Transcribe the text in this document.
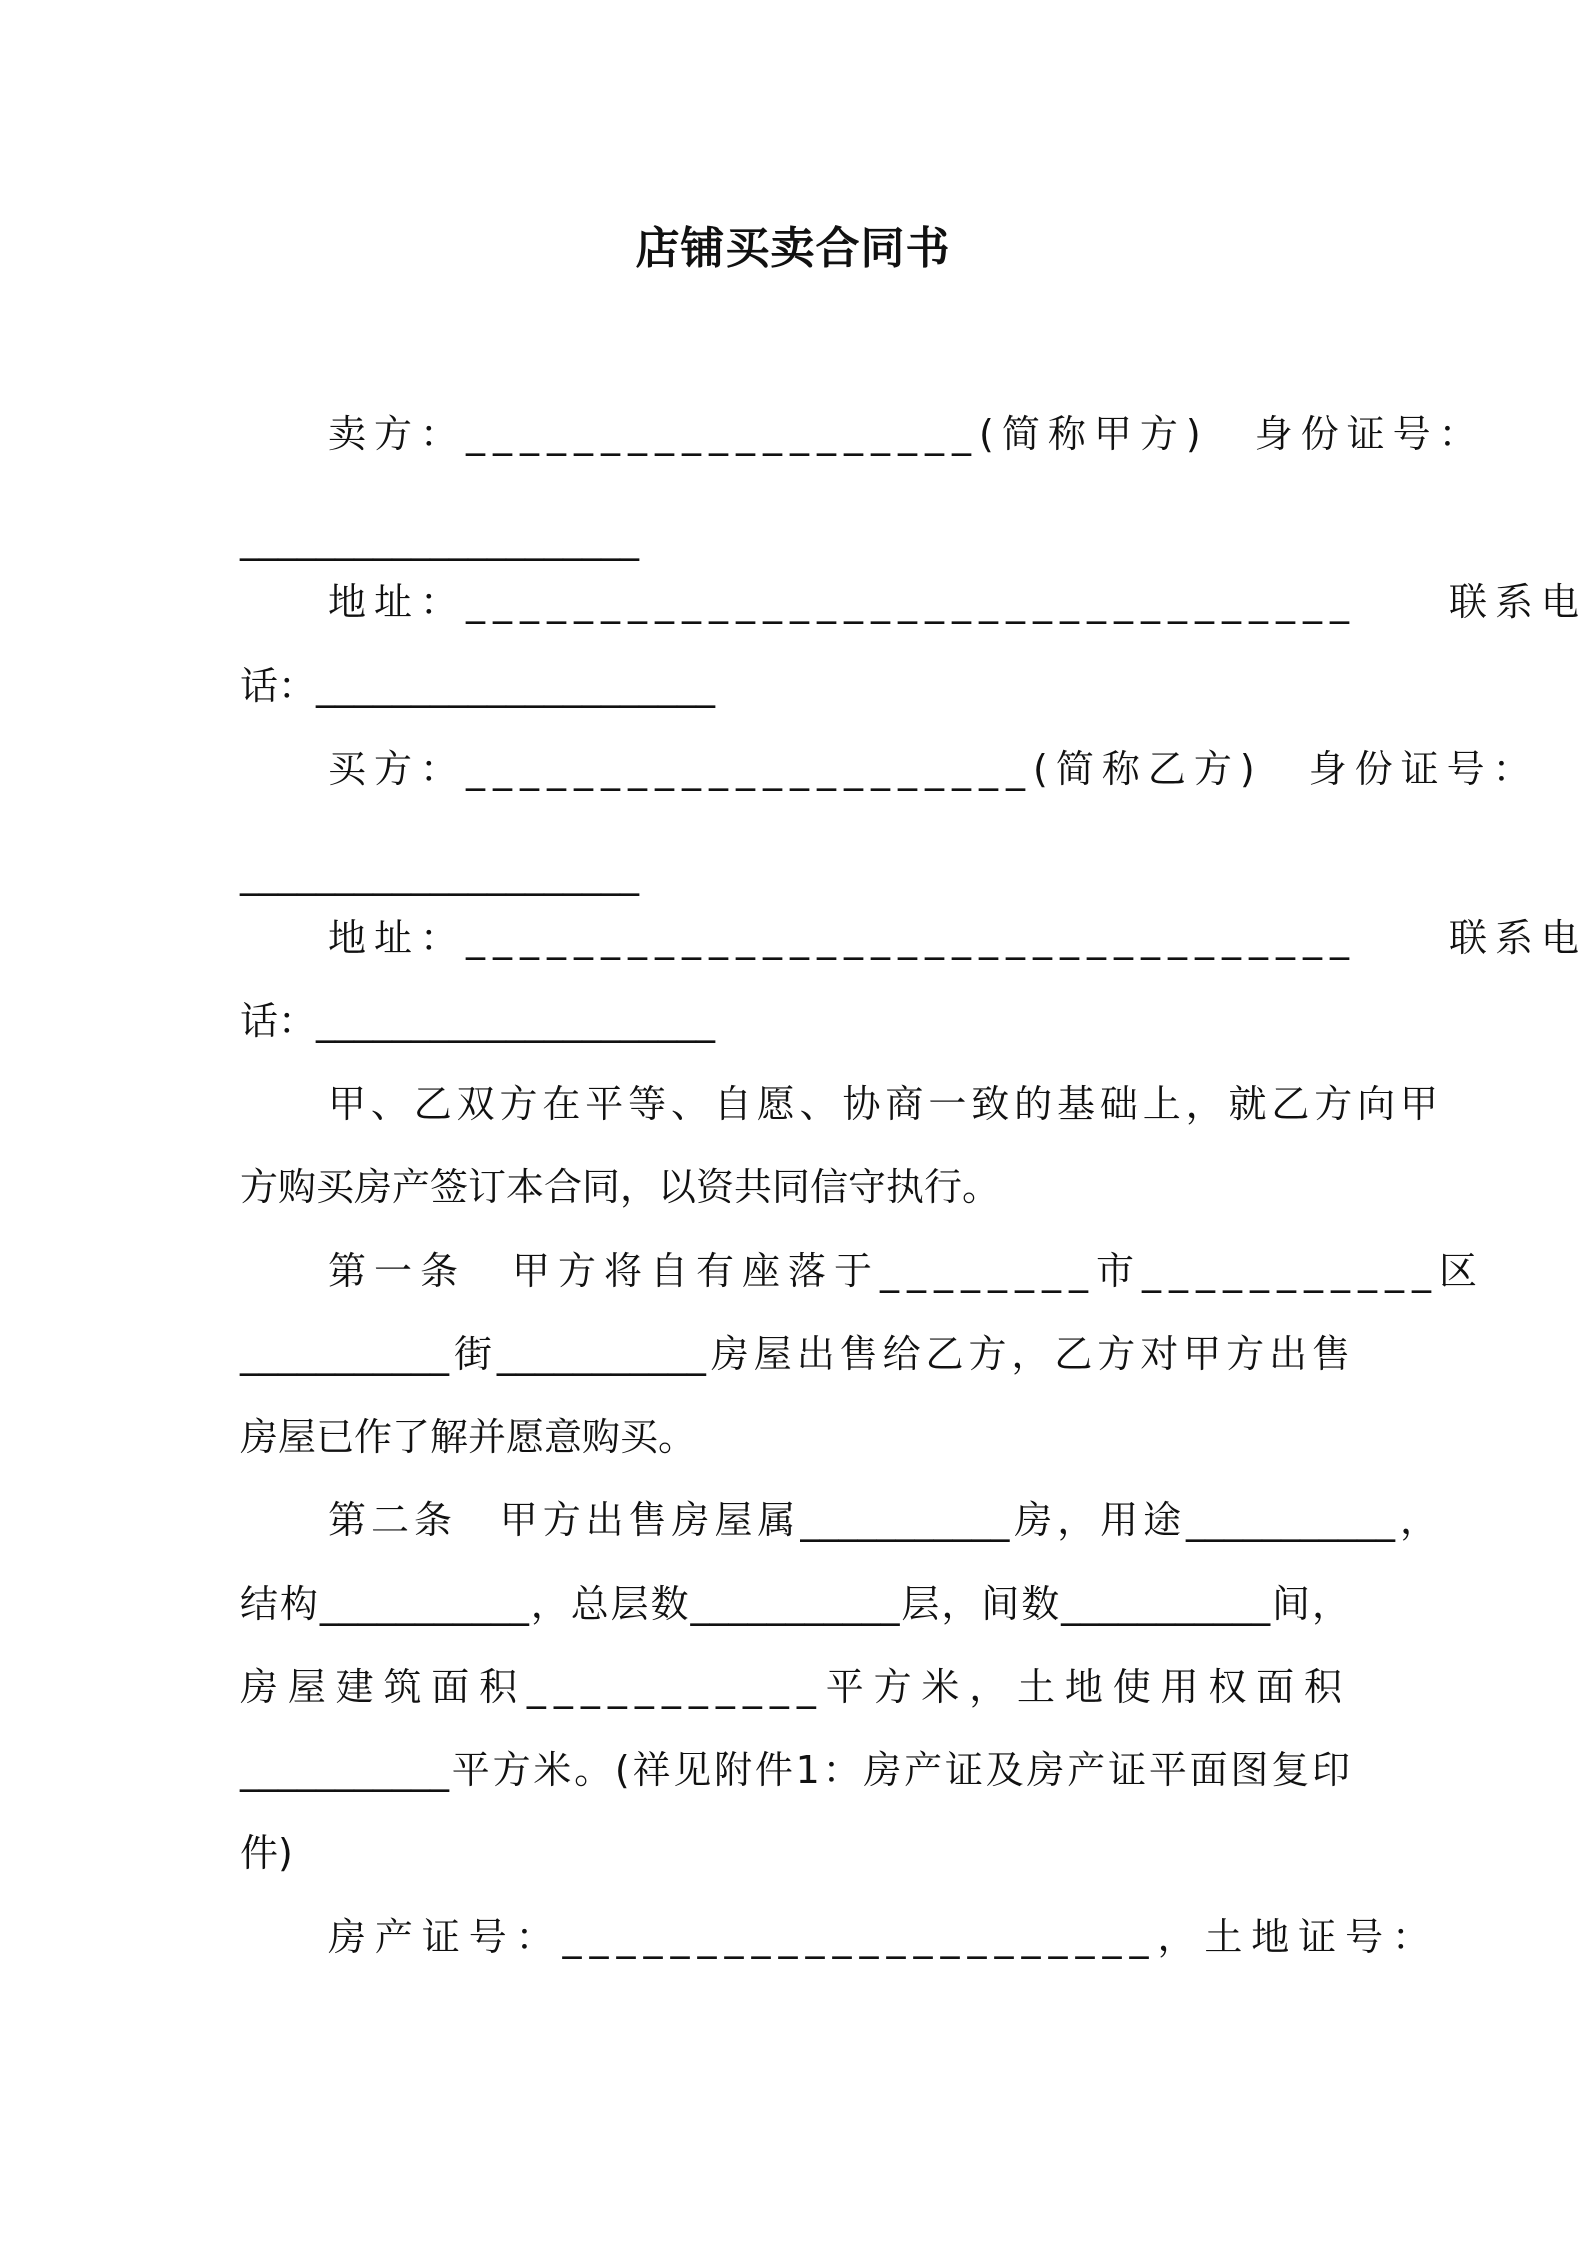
店铺买卖合同书
卖方：___________________(简称甲方)　身份证号：
_____________________
地址：_________________________________　　联系电
话：_____________________
买方：_____________________(简称乙方)　身份证号：
_____________________
地址：_________________________________　　联系电
话：_____________________
甲、乙双方在平等、自愿、协商一致的基础上，就乙方向甲
方购买房产签订本合同，以资共同信守执行。
第一条　甲方将自有座落于________市___________区
___________街___________房屋出售给乙方，乙方对甲方出售
房屋已作了解并愿意购买。
第二条　甲方出售房屋属___________房，用途___________，
结构___________，总层数___________层，间数___________间，
房屋建筑面积___________平方米，土地使用权面积
___________平方米。(祥见附件1：房产证及房产证平面图复印
件)
房产证号：______________________，土地证号：
